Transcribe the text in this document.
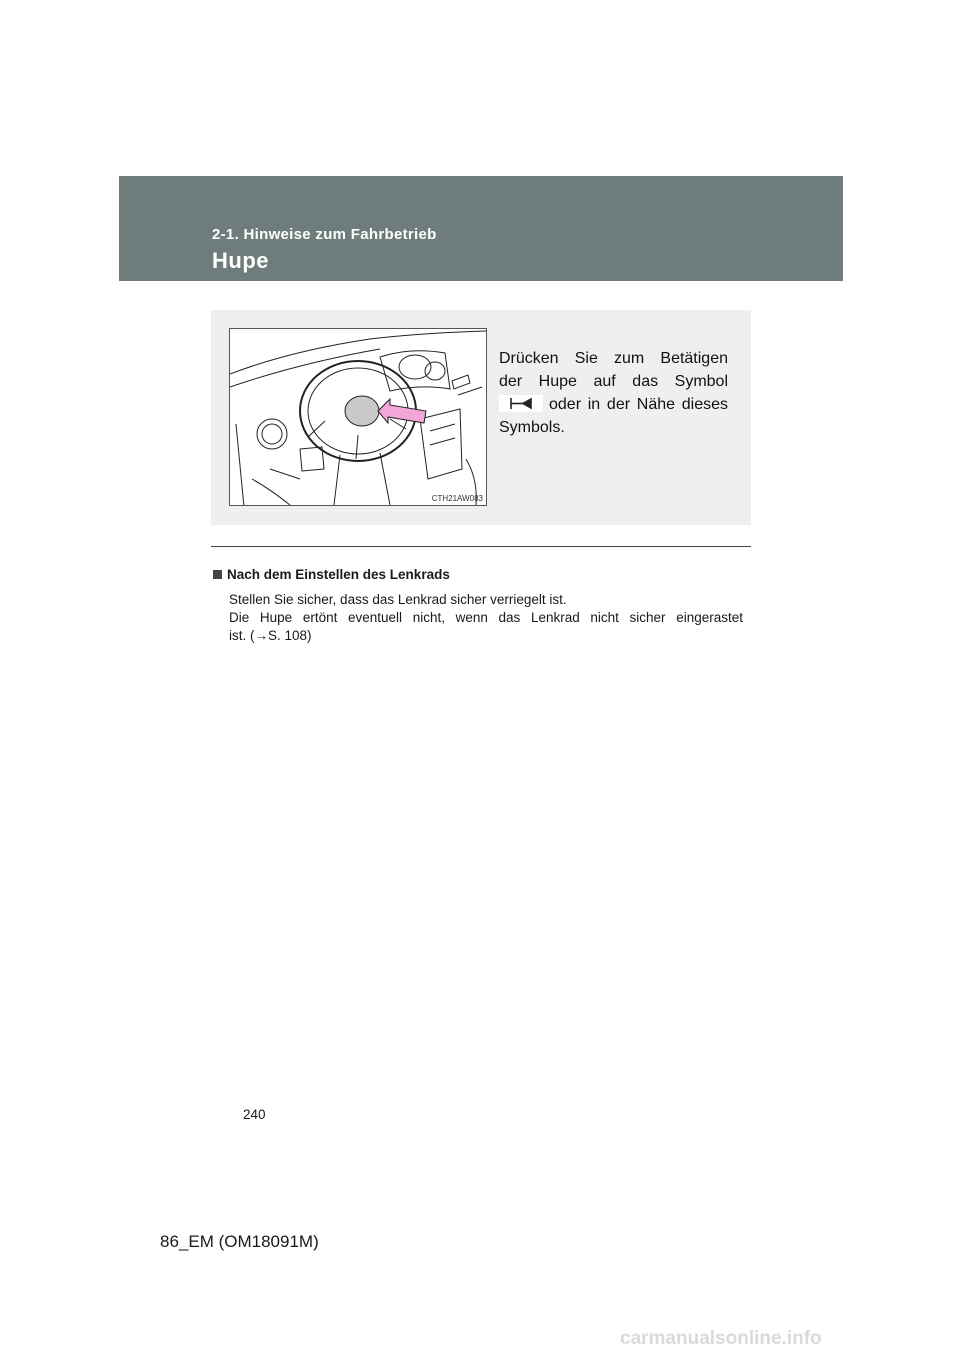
2-1. Hinweise zum Fahrbetrieb
Hupe
CTH21AW083
Drücken Sie zum Betätigen
der Hupe auf das Symbol
oder in der Nähe dieses
Symbols.
Nach dem Einstellen des Lenkrads
Stellen Sie sicher, dass das Lenkrad sicher verriegelt ist.
Die Hupe ertönt eventuell nicht, wenn das Lenkrad nicht sicher eingerastet
ist. (→S. 108)
240
86_EM (OM18091M)
carmanualsonline.info
